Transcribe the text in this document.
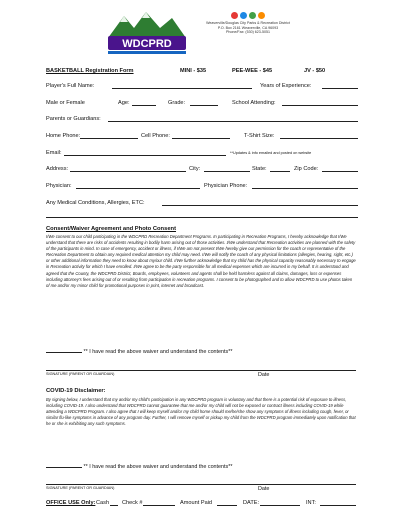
WDCPRD
Weaverville/Douglas City Parks & Recreation District
P.O. Box 2161 Weaverville, CA 96093
Phone/Fax: (530) 623-5051
BASKETBALL Registration Form	MINI - $35	PEE-WEE - $45	JV - $50
Player's Full Name:	Years of Experience:
Male or Female	Age:	Grade:	School Attending:
Parents or Guardians:
Home Phone:	Cell Phone:	T-Shirt Size:
Email:	**Updates & info emailed and posted on website
Address:	City:	State:	Zip Code:
Physician:	Physician Phone:
Any Medical Conditions, Allergies, ETC:
Consent/Waiver Agreement and Photo Consent
I/We consent to our child participating in the WDCPRD Recreation Department Programs. In participating in Recreation Programs, I hereby acknowledge that I/We understand that there are risks of accidents resulting in bodily harm arising out of those activities. I/We understand that Recreation activities are planned with the safety of the participants in mind. In case of emergency, accident or illness, if I/We am not present I/We hereby give our permission for the coach or representative of the Recreation Department to obtain any required medical attention my child may need. I/We will notify the coach of any physical limitations (allergies, hearing, sight, etc.) or other additional information they need to know about my/our child. I/We further acknowledge that my child has the physical capacity reasonably necessary to engage in Recreation activity for which I have enrolled. I/We agree to be the party responsible for all medical expenses which are incurred in my behalf. It is understood and agreed that the County, the WDCPRD District, Boards, employees, volunteers and agents shall be held harmless against all claims, damages, loss or expenses including attorney's fees arising out of or resulting from participation in recreation programs. I consent to be photographed and to allow WDCPRD to use photos taken of me and/or my minor child for promotional purposes in print, internet and broadcast.
** I have read the above waiver and understand the contents**
SIGNATURE (PARENT OR GUARDIAN)	Date
COVID-19 Disclaimer:
By signing below, I understand that my and/or my child's participation in any WDCPRD program is voluntary and that there is a potential risk of exposure to illness, including COVID-19. I also understand that WDCPRD cannot guarantee that me and/or my child will not be exposed or contract illness including COVID-19 while attending a WDCPRD Program. I also agree that I will keep myself and/or my child home should me/he/she show any symptoms of illness including cough, fever, or similar flu-like symptoms in advance of any program day. Further, I will remove myself or pickup my child from the WDCPRD program immediately upon notification that he or she is exhibiting any such symptoms.
** I have read the above waiver and understand the contents**
SIGNATURE (PARENT OR GUARDIAN)	Date
OFFICE USE Only: Cash Check #	Amount Paid	DATE:	INT:
